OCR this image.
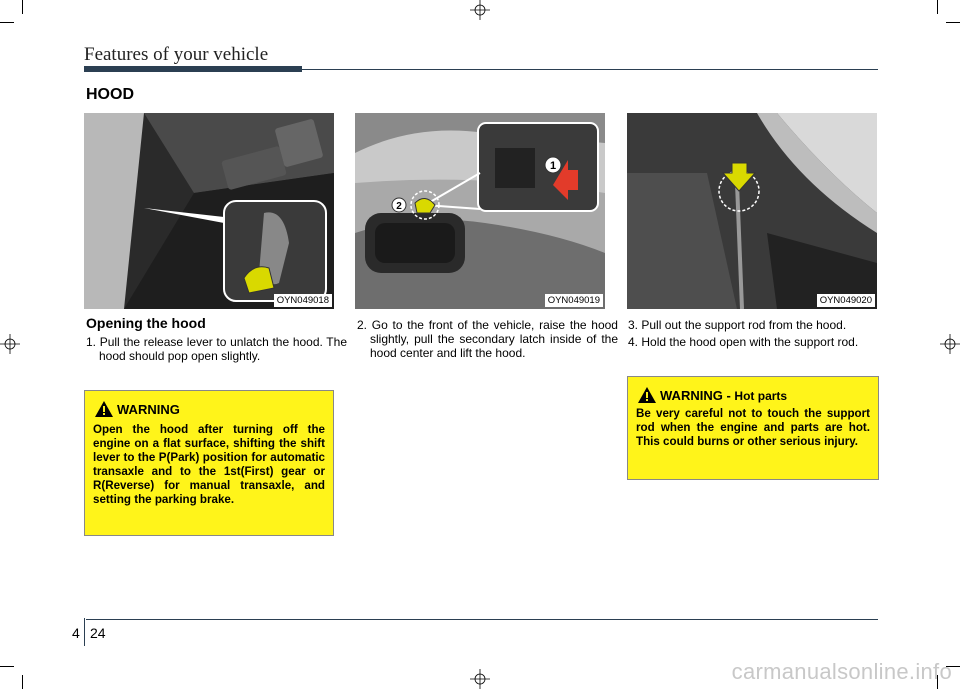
Features of your vehicle
HOOD
OYN049018
1
2
OYN049019	OYN049020
Opening the hood
1. Pull the release lever to unlatch the hood. The hood should pop open slightly.
2. Go to the front of the vehicle, raise the hood slightly, pull the secondary latch inside of the hood center and lift the hood.
3. Pull out the support rod from the hood.
4. Hold the hood open with the support rod.
WARNING
Open the hood after turning off the engine on a flat surface, shifting the shift lever to the P(Park) position for automatic transaxle and to the 1st(First) gear or R(Reverse) for manual transaxle, and setting the parking brake.
WARNING - Hot parts
Be very careful not to touch the support rod when the engine and parts are hot. This could burns or other serious injury.
4 24
carmanualsonline.info
